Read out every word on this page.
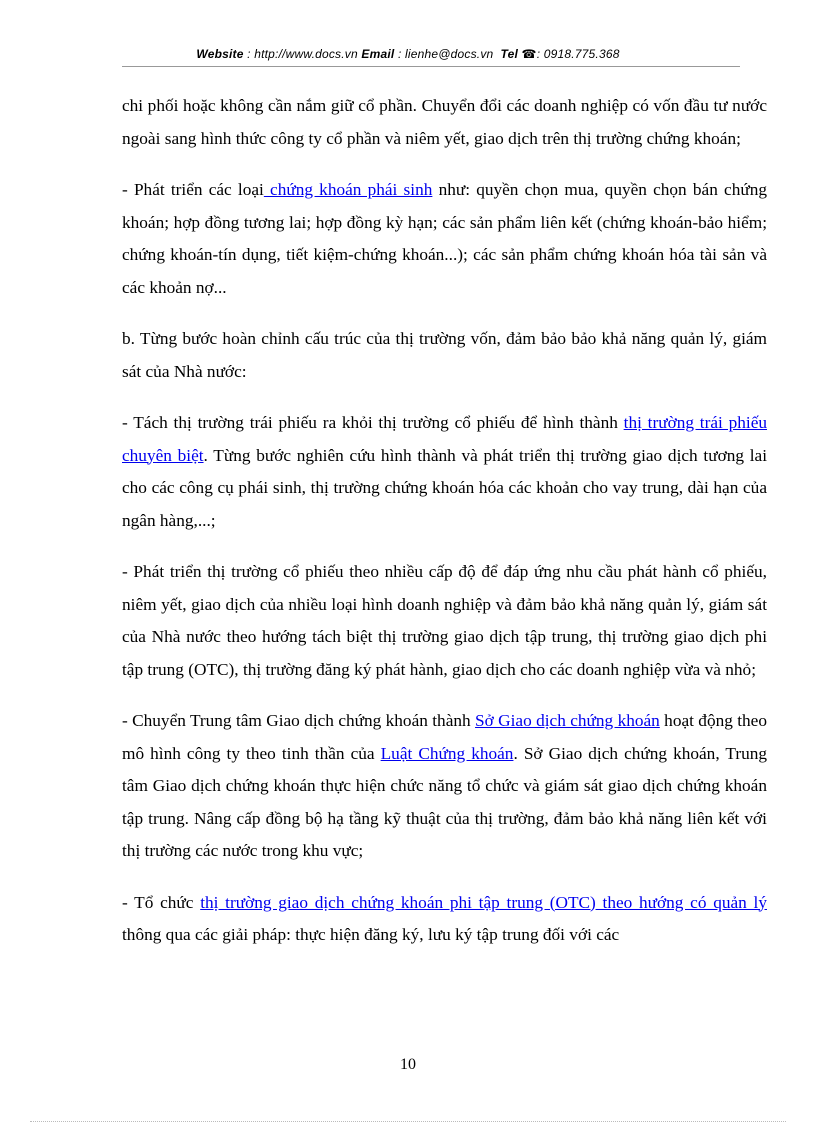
Website : http://www.docs.vn Email : lienhe@docs.vn  Tel ☎: 0918.775.368

chi phối hoặc không cần nắm giữ cổ phần. Chuyển đổi các doanh nghiệp có vốn đầu tư nước ngoài sang hình thức công ty cổ phần và niêm yết, giao dịch trên thị trường chứng khoán;

- Phát triển các loại chứng khoán phái sinh như: quyền chọn mua, quyền chọn bán chứng khoán; hợp đồng tương lai; hợp đồng kỳ hạn; các sản phẩm liên kết (chứng khoán-bảo hiểm; chứng khoán-tín dụng, tiết kiệm-chứng khoán...); các sản phẩm chứng khoán hóa tài sản và các khoản nợ...

b. Từng bước hoàn chỉnh cấu trúc của thị trường vốn, đảm bảo bảo khả năng quản lý, giám sát của Nhà nước:

- Tách thị trường trái phiếu ra khỏi thị trường cổ phiếu để hình thành thị trường trái phiếu chuyên biệt. Từng bước nghiên cứu hình thành và phát triển thị trường giao dịch tương lai cho các công cụ phái sinh, thị trường chứng khoán hóa các khoản cho vay trung, dài hạn của ngân hàng,...;

- Phát triển thị trường cổ phiếu theo nhiều cấp độ để đáp ứng nhu cầu phát hành cổ phiếu, niêm yết, giao dịch của nhiều loại hình doanh nghiệp và đảm bảo khả năng quản lý, giám sát của Nhà nước theo hướng tách biệt thị trường giao dịch tập trung, thị trường giao dịch phi tập trung (OTC), thị trường đăng ký phát hành, giao dịch cho các doanh nghiệp vừa và nhỏ;

- Chuyển Trung tâm Giao dịch chứng khoán thành Sở Giao dịch chứng khoán hoạt động theo mô hình công ty theo tinh thần của Luật Chứng khoán. Sở Giao dịch chứng khoán, Trung tâm Giao dịch chứng khoán thực hiện chức năng tổ chức và giám sát giao dịch chứng khoán tập trung. Nâng cấp đồng bộ hạ tầng kỹ thuật của thị trường, đảm bảo khả năng liên kết với thị trường các nước trong khu vực;

- Tổ chức thị trường giao dịch chứng khoán phi tập trung (OTC) theo hướng có quản lý thông qua các giải pháp: thực hiện đăng ký, lưu ký tập trung đối với các

10
